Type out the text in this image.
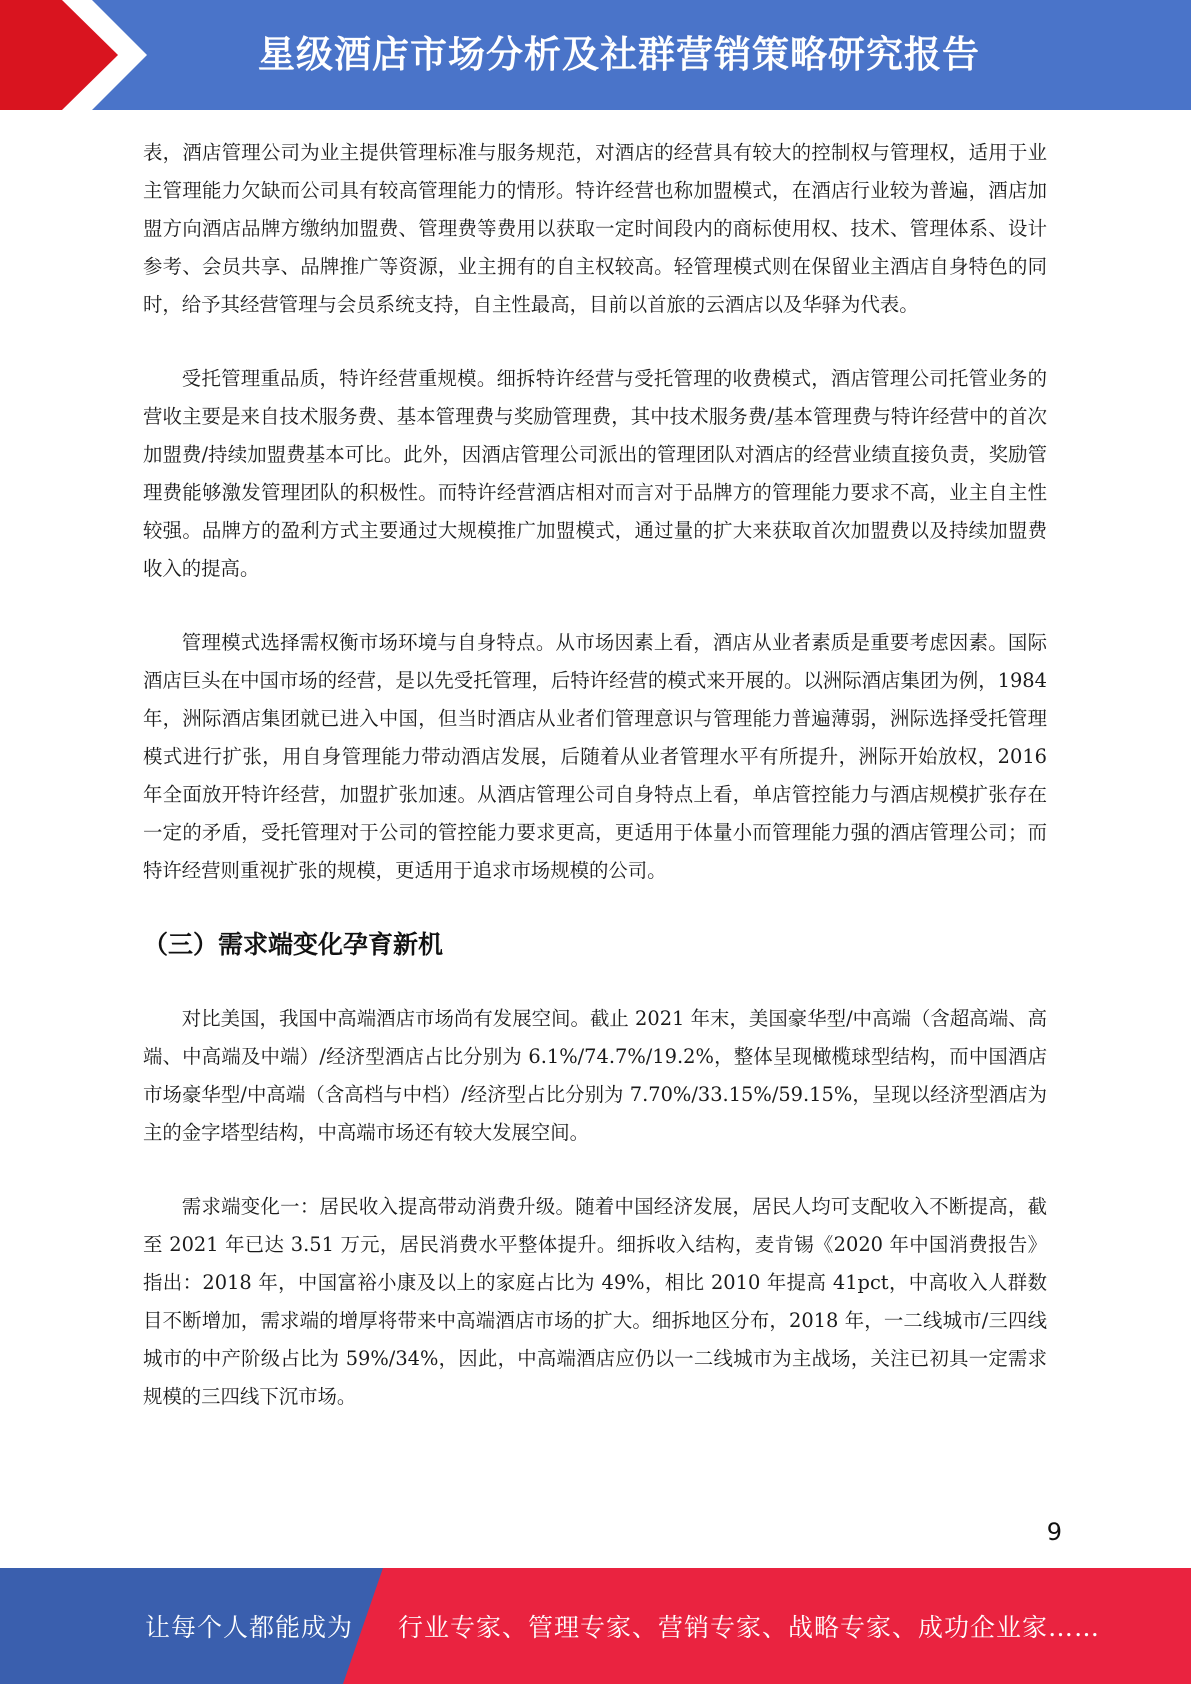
星级酒店市场分析及社群营销策略研究报告

表，酒店管理公司为业主提供管理标准与服务规范，对酒店的经营具有较大的控制权与管理权，适用于业主管理能力欠缺而公司具有较高管理能力的情形。特许经营也称加盟模式，在酒店行业较为普遍，酒店加盟方向酒店品牌方缴纳加盟费、管理费等费用以获取一定时间段内的商标使用权、技术、管理体系、设计参考、会员共享、品牌推广等资源，业主拥有的自主权较高。轻管理模式则在保留业主酒店自身特色的同时，给予其经营管理与会员系统支持，自主性最高，目前以首旅的云酒店以及华驿为代表。

受托管理重品质，特许经营重规模。细拆特许经营与受托管理的收费模式，酒店管理公司托管业务的营收主要是来自技术服务费、基本管理费与奖励管理费，其中技术服务费/基本管理费与特许经营中的首次加盟费/持续加盟费基本可比。此外，因酒店管理公司派出的管理团队对酒店的经营业绩直接负责，奖励管理费能够激发管理团队的积极性。而特许经营酒店相对而言对于品牌方的管理能力要求不高，业主自主性较强。品牌方的盈利方式主要通过大规模推广加盟模式，通过量的扩大来获取首次加盟费以及持续加盟费收入的提高。

管理模式选择需权衡市场环境与自身特点。从市场因素上看，酒店从业者素质是重要考虑因素。国际酒店巨头在中国市场的经营，是以先受托管理，后特许经营的模式来开展的。以洲际酒店集团为例，1984 年，洲际酒店集团就已进入中国，但当时酒店从业者们管理意识与管理能力普遍薄弱，洲际选择受托管理模式进行扩张，用自身管理能力带动酒店发展，后随着从业者管理水平有所提升，洲际开始放权，2016 年全面放开特许经营，加盟扩张加速。从酒店管理公司自身特点上看，单店管控能力与酒店规模扩张存在一定的矛盾，受托管理对于公司的管控能力要求更高，更适用于体量小而管理能力强的酒店管理公司；而特许经营则重视扩张的规模，更适用于追求市场规模的公司。

（三）需求端变化孕育新机

对比美国，我国中高端酒店市场尚有发展空间。截止 2021 年末，美国豪华型/中高端（含超高端、高端、中高端及中端）/经济型酒店占比分别为 6.1%/74.7%/19.2%，整体呈现橄榄球型结构，而中国酒店市场豪华型/中高端（含高档与中档）/经济型占比分别为 7.70%/33.15%/59.15%，呈现以经济型酒店为主的金字塔型结构，中高端市场还有较大发展空间。

需求端变化一：居民收入提高带动消费升级。随着中国经济发展，居民人均可支配收入不断提高，截至 2021 年已达 3.51 万元，居民消费水平整体提升。细拆收入结构，麦肯锡《2020 年中国消费报告》指出：2018 年，中国富裕小康及以上的家庭占比为 49%，相比 2010 年提高 41pct，中高收入人群数目不断增加，需求端的增厚将带来中高端酒店市场的扩大。细拆地区分布，2018 年，一二线城市/三四线城市的中产阶级占比为 59%/34%，因此，中高端酒店应仍以一二线城市为主战场，关注已初具一定需求规模的三四线下沉市场。

9
让每个人都能成为 行业专家、管理专家、营销专家、战略专家、成功企业家……
